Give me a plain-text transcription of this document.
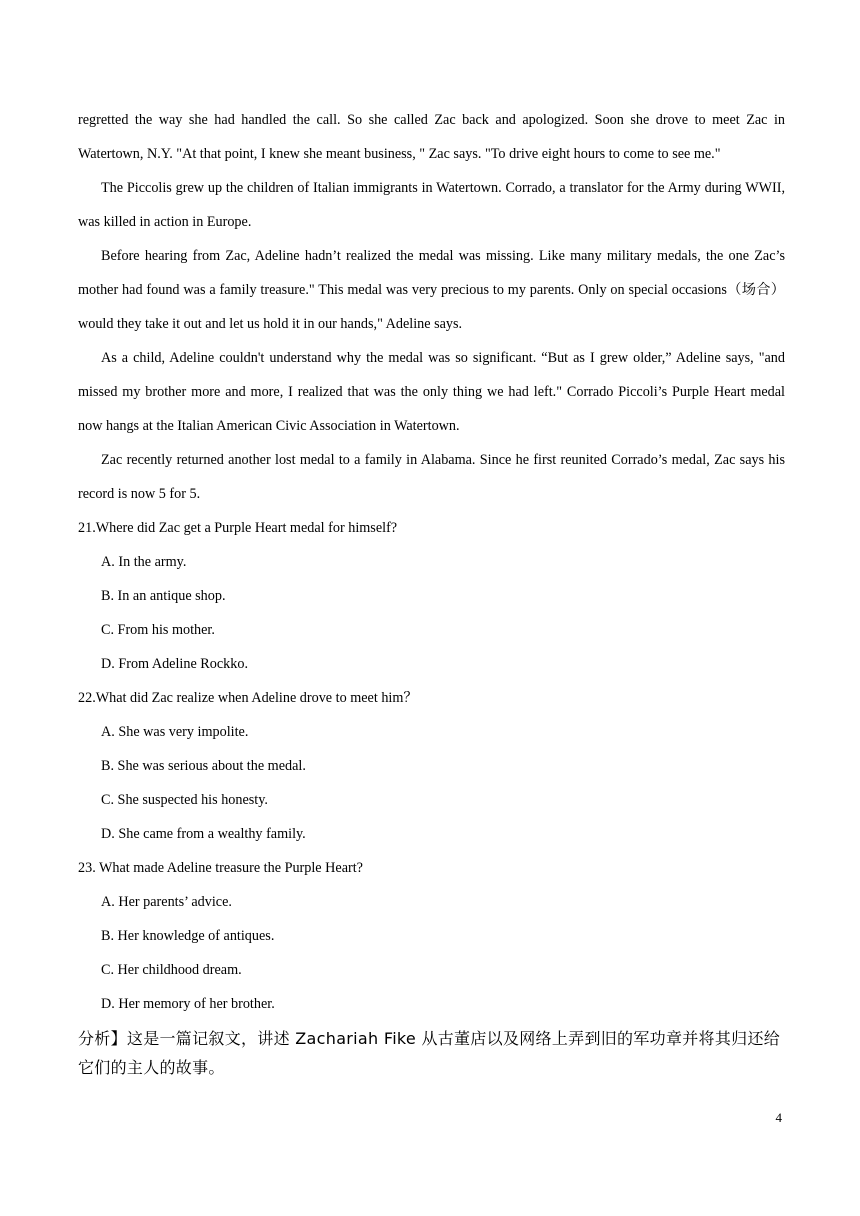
regretted the way she had handled the call. So she called Zac back and apologized. Soon she drove to meet Zac in Watertown, N.Y. "At that point, I knew she meant business, " Zac says. "To drive eight hours to come to see me."

The Piccolis grew up the children of Italian immigrants in Watertown. Corrado, a translator for the Army during WWII, was killed in action in Europe.

Before hearing from Zac, Adeline hadn’t realized the medal was missing. Like many military medals, the one Zac’s mother had found was a family treasure." This medal was very precious to my parents. Only on special occasions（场合）would they take it out and let us hold it in our hands," Adeline says.

As a child, Adeline couldn't understand why the medal was so significant. “But as I grew older,” Adeline says, "and missed my brother more and more, I realized that was the only thing we had left." Corrado Piccoli’s Purple Heart medal now hangs at the Italian American Civic Association in Watertown.

Zac recently returned another lost medal to a family in Alabama. Since he first reunited Corrado’s medal, Zac says his record is now 5 for 5.

21.Where did Zac get a Purple Heart medal for himself?

A. In the army.

B. In an antique shop.

C. From his mother.

D. From Adeline Rockko.

22.What did Zac realize when Adeline drove to meet him？

A. She was very impolite.

B. She was serious about the medal.

C. She suspected his honesty.

D. She came from a wealthy family.

23. What made Adeline treasure the Purple Heart?

A. Her parents’ advice.

B. Her knowledge of antiques.

C. Her childhood dream.

D. Her memory of her brother.

分析】这是一篇记叙文，讲述 Zachariah Fike 从古董店以及网络上弄到旧的军功章并将其归还给它们的主人的故事。

4
